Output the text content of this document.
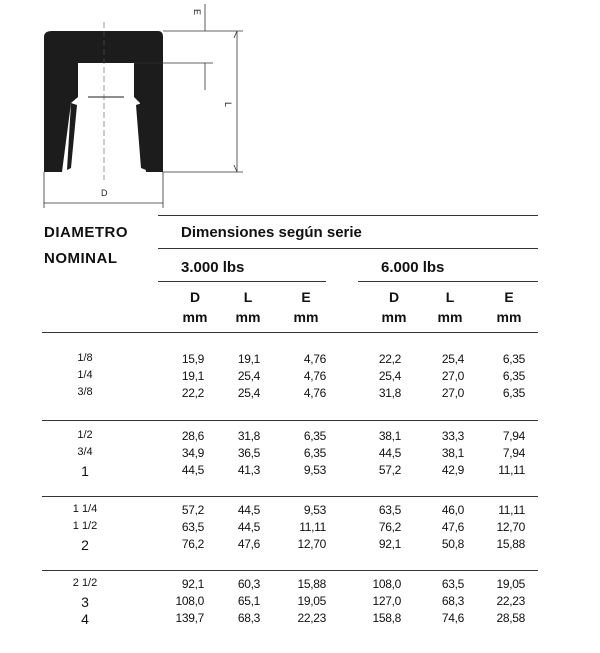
D
L
E
DIAMETRO
NOMINAL
Dimensiones según serie
3.000 lbs	6.000 lbs
D
mm
L
mm
E
mm
D
mm
L
mm
E
mm
1/8	15,9	19,1	4,76	22,2	25,4	6,35
1/4	19,1	25,4	4,76	25,4	27,0	6,35
3/8	22,2	25,4	4,76	31,8	27,0	6,35
1/2	28,6	31,8	6,35	38,1	33,3	7,94
3/4	34,9	36,5	6,35	44,5	38,1	7,94
1	44,5	41,3	9,53	57,2	42,9	11,11
1 1/4	57,2	44,5	9,53	63,5	46,0	11,11
1 1/2	63,5	44,5	11,11	76,2	47,6	12,70
2	76,2	47,6	12,70	92,1	50,8	15,88
2 1/2	92,1	60,3	15,88	108,0	63,5	19,05
3	108,0	65,1	19,05	127,0	68,3	22,23
4	139,7	68,3	22,23	158,8	74,6	28,58
